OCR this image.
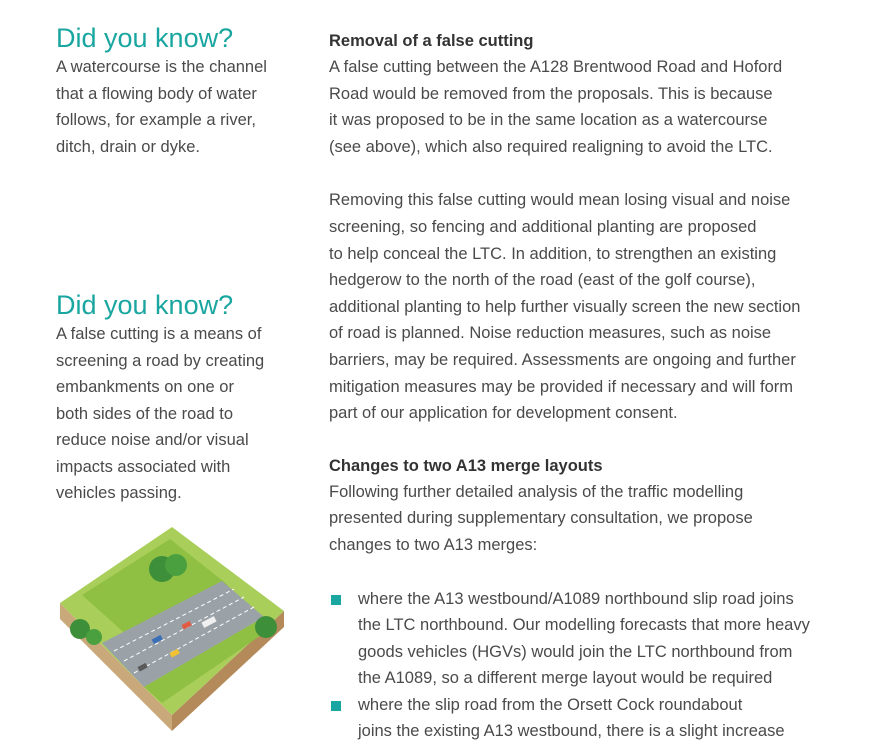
Did you know?

A watercourse is the channel
that a flowing body of water
follows, for example a river,
ditch, drain or dyke.

Did you know?

A false cutting is a means of
screening a road by creating
embankments on one or
both sides of the road to
reduce noise and/or visual
impacts associated with
vehicles passing.

Removal of a false cutting

A false cutting between the A128 Brentwood Road and Hoford
Road would be removed from the proposals. This is because
it was proposed to be in the same location as a watercourse
(see above), which also required realigning to avoid the LTC.

Removing this false cutting would mean losing visual and noise
screening, so fencing and additional planting are proposed
to help conceal the LTC. In addition, to strengthen an existing
hedgerow to the north of the road (east of the golf course),
additional planting to help further visually screen the new section
of road is planned. Noise reduction measures, such as noise
barriers, may be required. Assessments are ongoing and further
mitigation measures may be provided if necessary and will form
part of our application for development consent.

Changes to two A13 merge layouts

Following further detailed analysis of the traffic modelling
presented during supplementary consultation, we propose
changes to two A13 merges:

where the A13 westbound/A1089 northbound slip road joins
the LTC northbound. Our modelling forecasts that more heavy
goods vehicles (HGVs) would join the LTC northbound from
the A1089, so a different merge layout would be required
where the slip road from the Orsett Cock roundabout
joins the existing A13 westbound, there is a slight increase
